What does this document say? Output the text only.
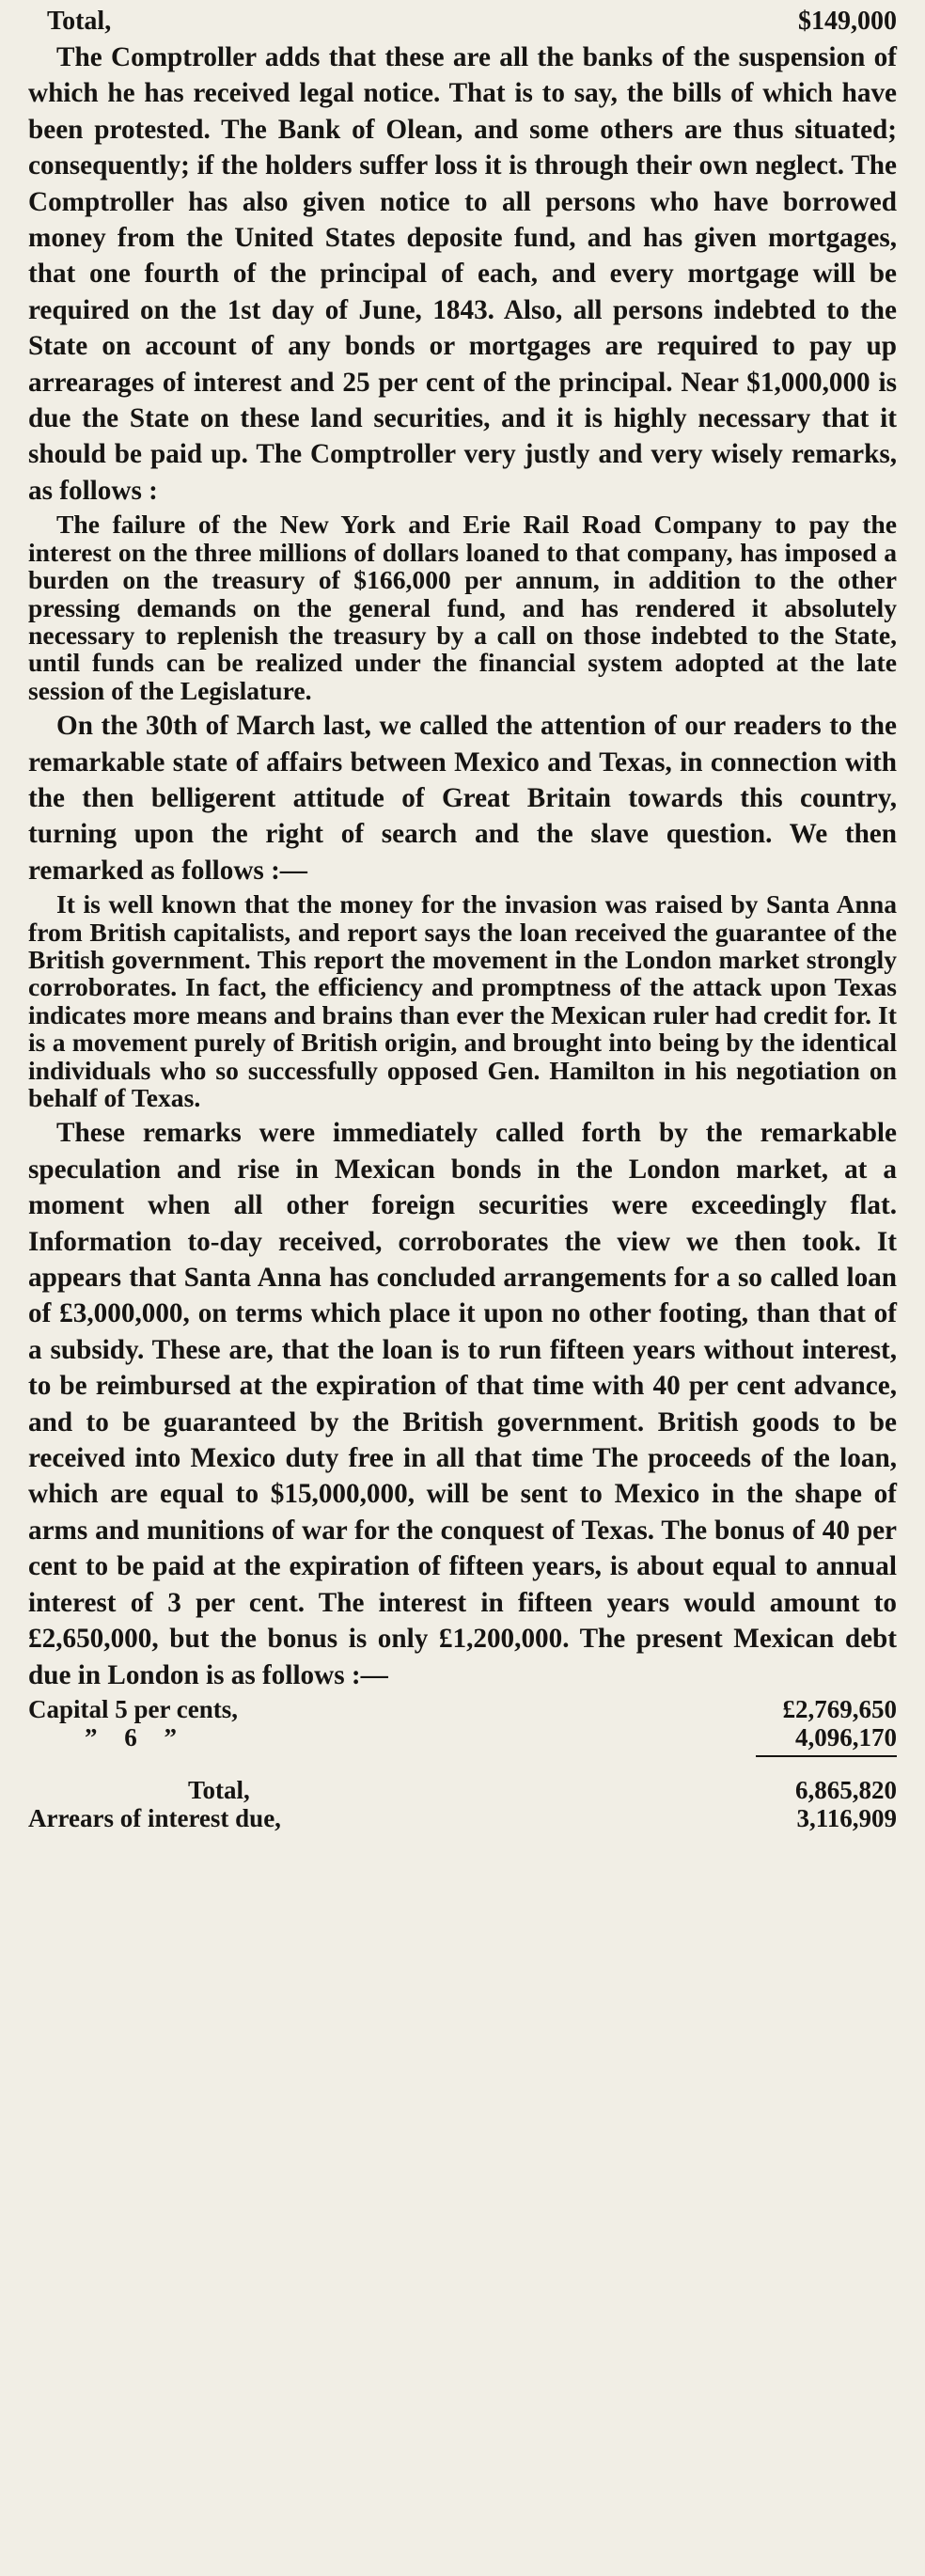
Total,	$149,000

The Comptroller adds that these are all the banks of the suspension of which he has received legal notice. That is to say, the bills of which have been protested. The Bank of Olean, and some others are thus situated; consequently; if the holders suffer loss it is through their own neglect. The Comptroller has also given notice to all persons who have borrowed money from the United States deposite fund, and has given mortgages, that one fourth of the principal of each, and every mortgage will be required on the 1st day of June, 1843. Also, all persons indebted to the State on account of any bonds or mortgages are required to pay up arrearages of interest and 25 per cent of the principal. Near $1,000,000 is due the State on these land securities, and it is highly necessary that it should be paid up. The Comptroller very justly and very wisely remarks, as follows :

The failure of the New York and Erie Rail Road Company to pay the interest on the three millions of dollars loaned to that company, has imposed a burden on the treasury of $166,000 per annum, in addition to the other pressing demands on the general fund, and has rendered it absolutely necessary to replenish the treasury by a call on those indebted to the State, until funds can be realized under the financial system adopted at the late session of the Legislature.

On the 30th of March last, we called the attention of our readers to the remarkable state of affairs between Mexico and Texas, in connection with the then belligerent attitude of Great Britain towards this country, turning upon the right of search and the slave question. We then remarked as follows :—

It is well known that the money for the invasion was raised by Santa Anna from British capitalists, and report says the loan received the guarantee of the British government. This report the movement in the London market strongly corroborates. In fact, the efficiency and promptness of the attack upon Texas indicates more means and brains than ever the Mexican ruler had credit for. It is a movement purely of British origin, and brought into being by the identical individuals who so successfully opposed Gen. Hamilton in his negotiation on behalf of Texas.

These remarks were immediately called forth by the remarkable speculation and rise in Mexican bonds in the London market, at a moment when all other foreign securities were exceedingly flat. Information to-day received, corroborates the view we then took. It appears that Santa Anna has concluded arrangements for a so called loan of £3,000,000, on terms which place it upon no other footing, than that of a subsidy. These are, that the loan is to run fifteen years without interest, to be reimbursed at the expiration of that time with 40 per cent advance, and to be guaranteed by the British government. British goods to be received into Mexico duty free in all that time The proceeds of the loan, which are equal to $15,000,000, will be sent to Mexico in the shape of arms and munitions of war for the conquest of Texas. The bonus of 40 per cent to be paid at the expiration of fifteen years, is about equal to annual interest of 3 per cent. The interest in fifteen years would amount to £2,650,000, but the bonus is only £1,200,000. The present Mexican debt due in London is as follows :—

Capital 5 per cents,	£2,769,650
” 6 ”	4,096,170
Total,	6,865,820
Arrears of interest due,	3,116,909
